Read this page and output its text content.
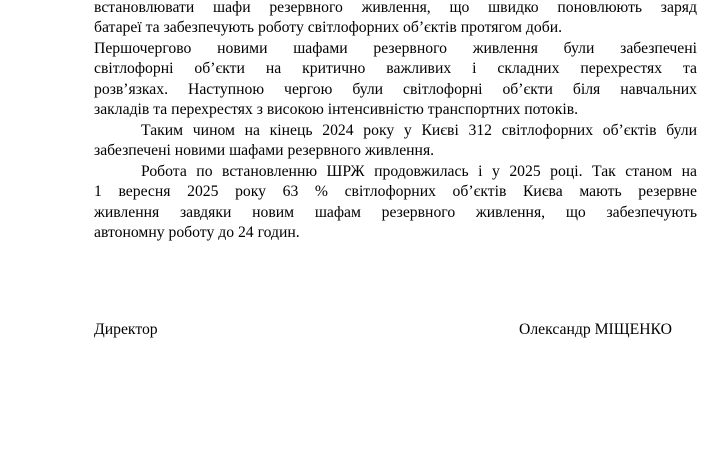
встановлювати шафи резервного живлення, що швидко поновлюють заряд
батареї та забезпечують роботу світлофорних об’єктів протягом доби.
Першочергово новими шафами резервного живлення були забезпечені
світлофорні об’єкти на критично важливих і складних перехрестях та
розв’язках. Наступною чергою були світлофорні об’єкти біля навчальних
закладів та перехрестях з високою інтенсивністю транспортних потоків.
Таким чином на кінець 2024 року у Києві 312 світлофорних об’єктів були
забезпечені новими шафами резервного живлення.
Робота по встановленню ШРЖ продовжилась і у 2025 році. Так станом на
1 вересня 2025 року 63 % світлофорних об’єктів Києва мають резервне
живлення завдяки новим шафам резервного живлення, що забезпечують
автономну роботу до 24 годин.
Директор	Олександр МІЩЕНКО
